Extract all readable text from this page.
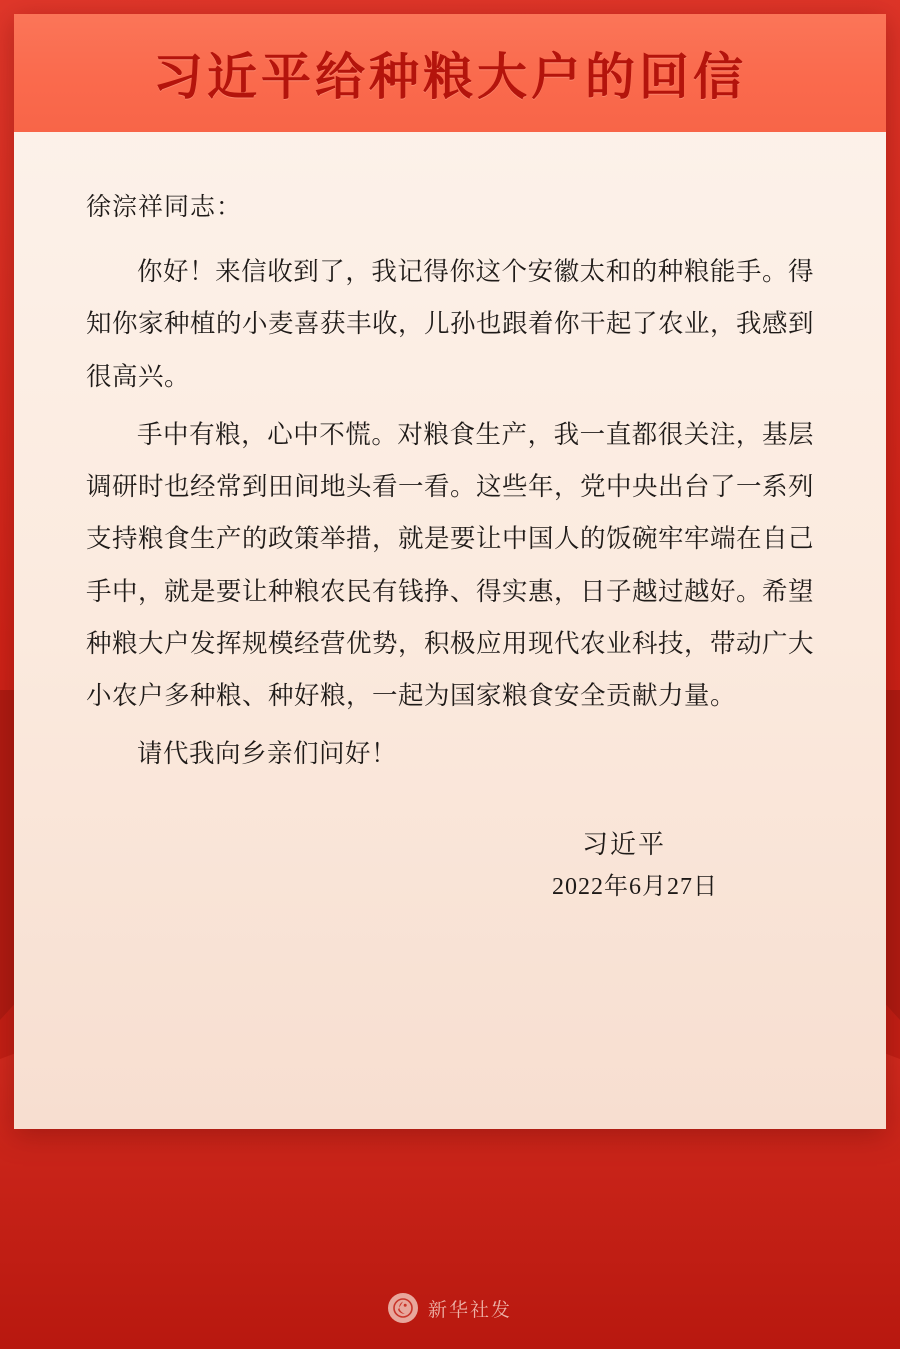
习近平给种粮大户的回信

徐淙祥同志：

你好！来信收到了，我记得你这个安徽太和的种粮能手。得知你家种植的小麦喜获丰收，儿孙也跟着你干起了农业，我感到很高兴。

手中有粮，心中不慌。对粮食生产，我一直都很关注，基层调研时也经常到田间地头看一看。这些年，党中央出台了一系列支持粮食生产的政策举措，就是要让中国人的饭碗牢牢端在自己手中，就是要让种粮农民有钱挣、得实惠，日子越过越好。希望种粮大户发挥规模经营优势，积极应用现代农业科技，带动广大小农户多种粮、种好粮，一起为国家粮食安全贡献力量。

请代我向乡亲们问好！

习近平
2022年6月27日
新华社发
